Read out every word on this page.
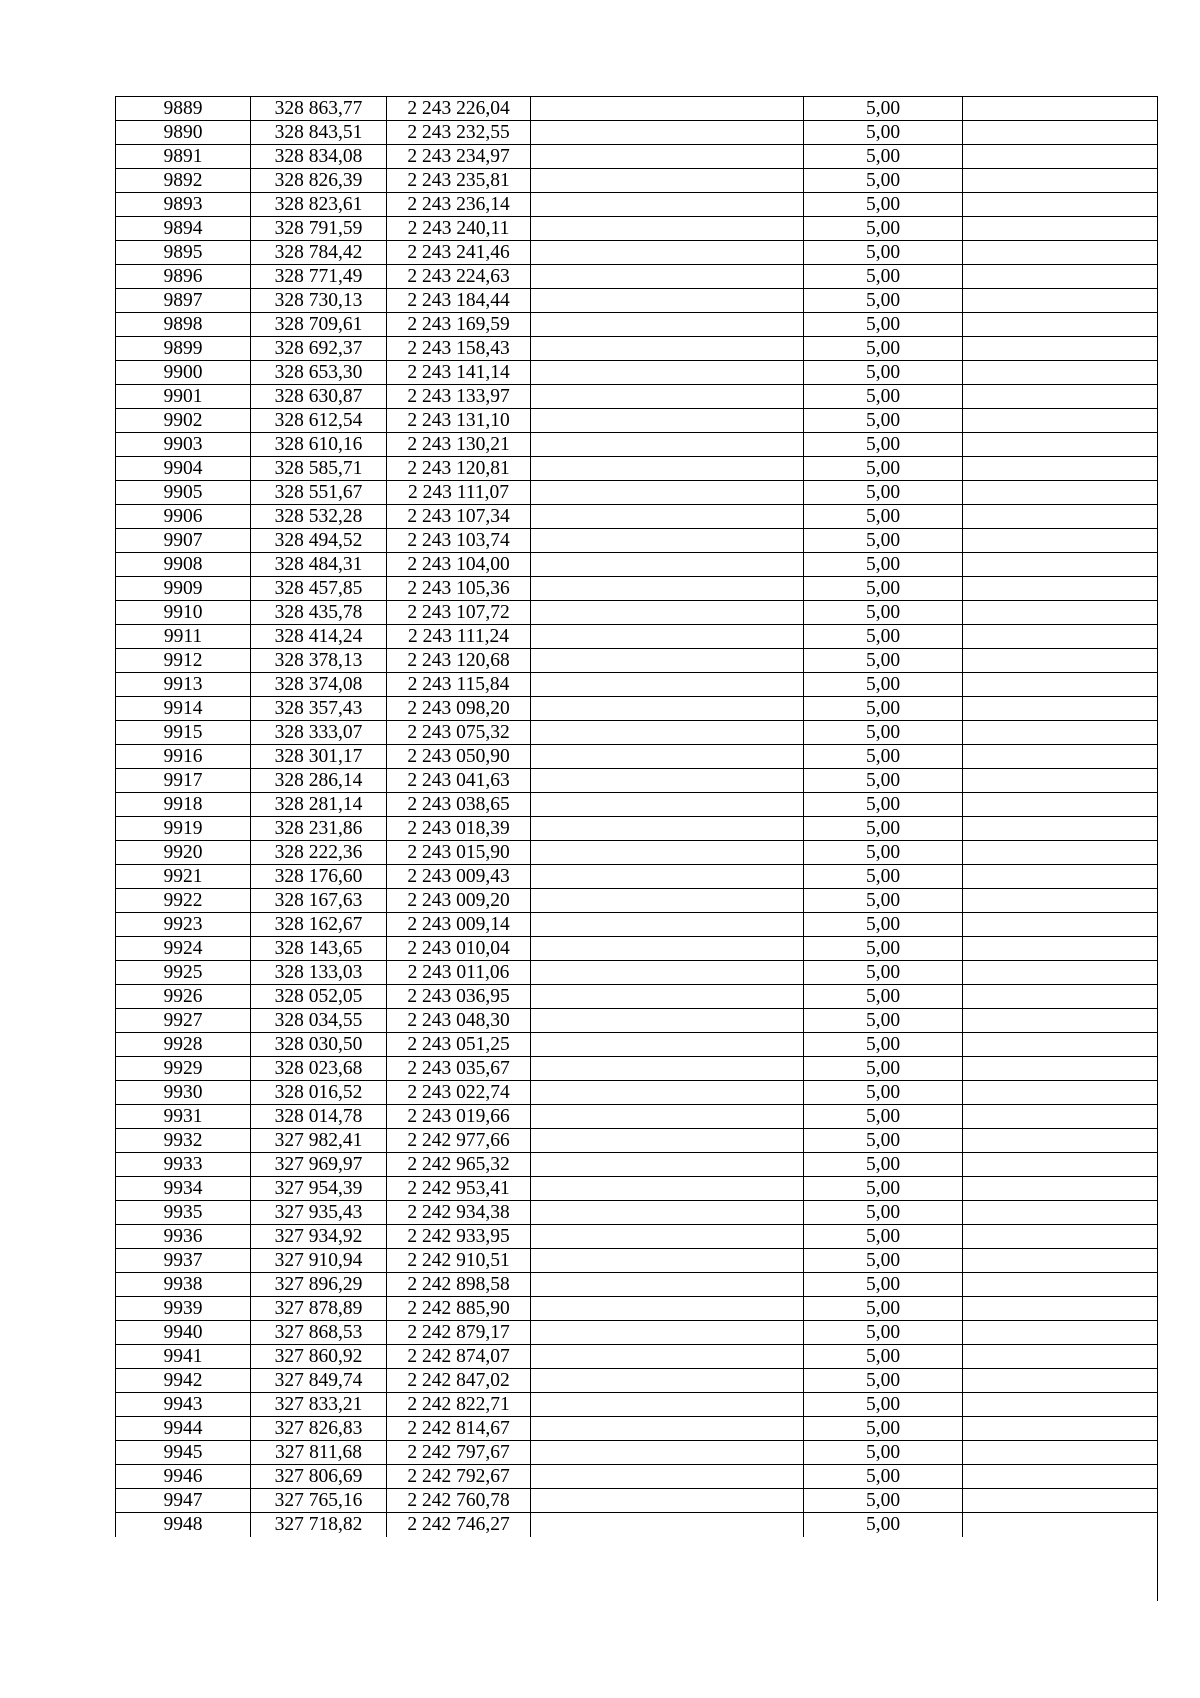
9889	328 863,77	2 243 226,04		5,00	
9890	328 843,51	2 243 232,55		5,00	
9891	328 834,08	2 243 234,97		5,00	
9892	328 826,39	2 243 235,81		5,00	
9893	328 823,61	2 243 236,14		5,00	
9894	328 791,59	2 243 240,11		5,00	
9895	328 784,42	2 243 241,46		5,00	
9896	328 771,49	2 243 224,63		5,00	
9897	328 730,13	2 243 184,44		5,00	
9898	328 709,61	2 243 169,59		5,00	
9899	328 692,37	2 243 158,43		5,00	
9900	328 653,30	2 243 141,14		5,00	
9901	328 630,87	2 243 133,97		5,00	
9902	328 612,54	2 243 131,10		5,00	
9903	328 610,16	2 243 130,21		5,00	
9904	328 585,71	2 243 120,81		5,00	
9905	328 551,67	2 243 111,07		5,00	
9906	328 532,28	2 243 107,34		5,00	
9907	328 494,52	2 243 103,74		5,00	
9908	328 484,31	2 243 104,00		5,00	
9909	328 457,85	2 243 105,36		5,00	
9910	328 435,78	2 243 107,72		5,00	
9911	328 414,24	2 243 111,24		5,00	
9912	328 378,13	2 243 120,68		5,00	
9913	328 374,08	2 243 115,84		5,00	
9914	328 357,43	2 243 098,20		5,00	
9915	328 333,07	2 243 075,32		5,00	
9916	328 301,17	2 243 050,90		5,00	
9917	328 286,14	2 243 041,63		5,00	
9918	328 281,14	2 243 038,65		5,00	
9919	328 231,86	2 243 018,39		5,00	
9920	328 222,36	2 243 015,90		5,00	
9921	328 176,60	2 243 009,43		5,00	
9922	328 167,63	2 243 009,20		5,00	
9923	328 162,67	2 243 009,14		5,00	
9924	328 143,65	2 243 010,04		5,00	
9925	328 133,03	2 243 011,06		5,00	
9926	328 052,05	2 243 036,95		5,00	
9927	328 034,55	2 243 048,30		5,00	
9928	328 030,50	2 243 051,25		5,00	
9929	328 023,68	2 243 035,67		5,00	
9930	328 016,52	2 243 022,74		5,00	
9931	328 014,78	2 243 019,66		5,00	
9932	327 982,41	2 242 977,66		5,00	
9933	327 969,97	2 242 965,32		5,00	
9934	327 954,39	2 242 953,41		5,00	
9935	327 935,43	2 242 934,38		5,00	
9936	327 934,92	2 242 933,95		5,00	
9937	327 910,94	2 242 910,51		5,00	
9938	327 896,29	2 242 898,58		5,00	
9939	327 878,89	2 242 885,90		5,00	
9940	327 868,53	2 242 879,17		5,00	
9941	327 860,92	2 242 874,07		5,00	
9942	327 849,74	2 242 847,02		5,00	
9943	327 833,21	2 242 822,71		5,00	
9944	327 826,83	2 242 814,67		5,00	
9945	327 811,68	2 242 797,67		5,00	
9946	327 806,69	2 242 792,67		5,00	
9947	327 765,16	2 242 760,78		5,00	
9948	327 718,82	2 242 746,27		5,00	
